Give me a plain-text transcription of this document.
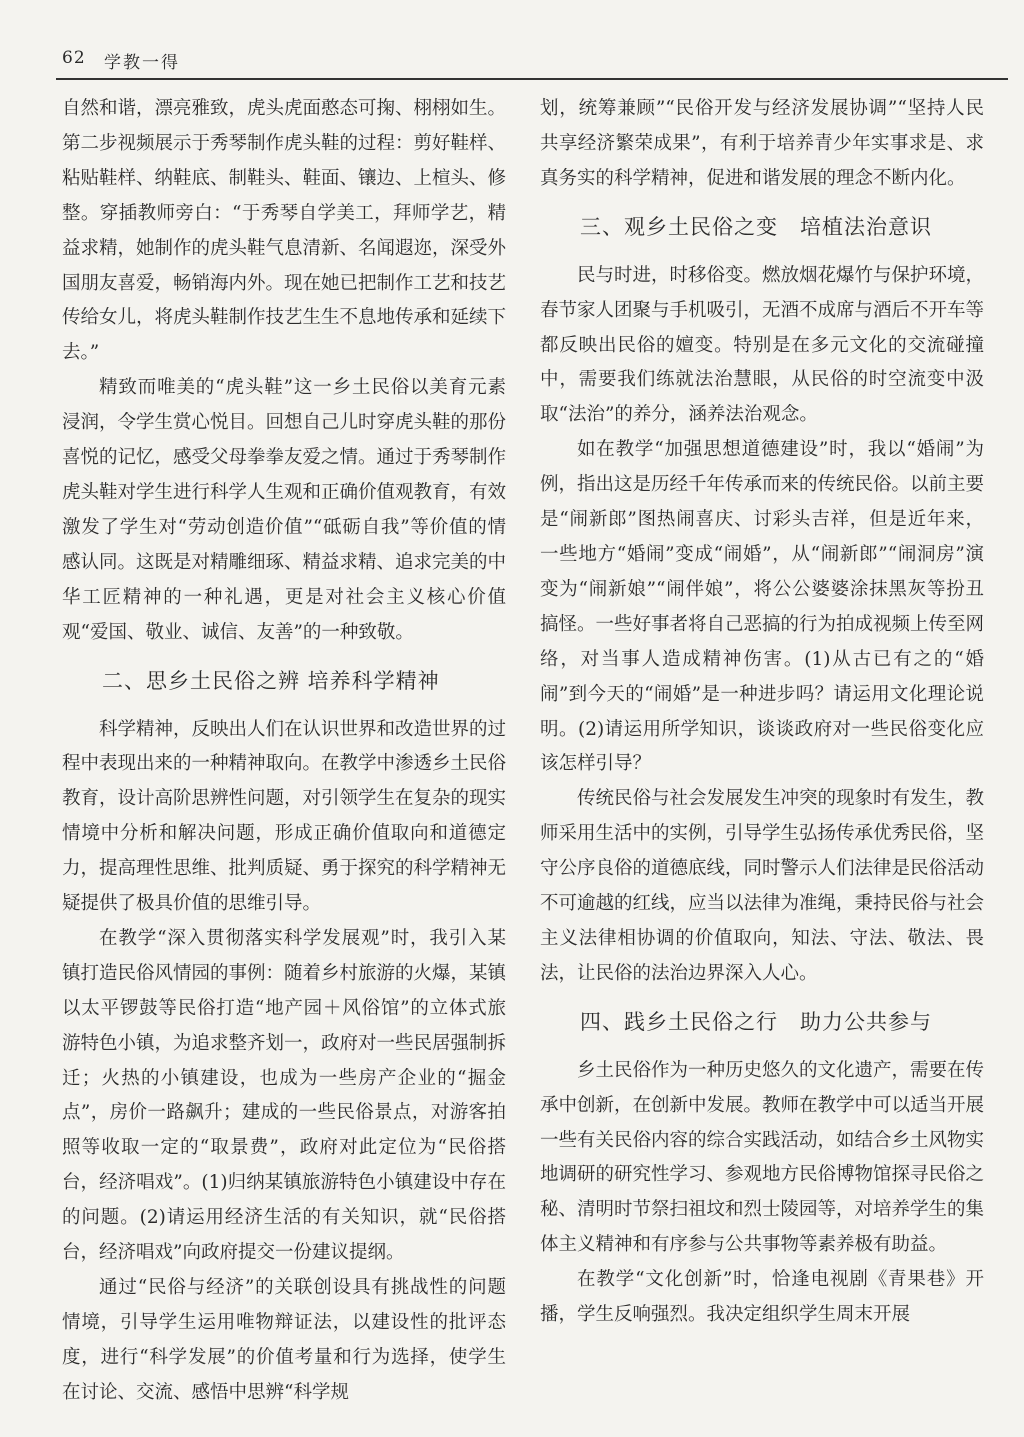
62 学教一得

自然和谐，漂亮雅致，虎头虎面憨态可掬、栩栩如生。第二步视频展示于秀琴制作虎头鞋的过程：剪好鞋样、粘贴鞋样、纳鞋底、制鞋头、鞋面、镶边、上楦头、修整。穿插教师旁白：“于秀琴自学美工，拜师学艺，精益求精，她制作的虎头鞋气息清新、名闻遐迩，深受外国朋友喜爱，畅销海内外。现在她已把制作工艺和技艺传给女儿，将虎头鞋制作技艺生生不息地传承和延续下去。”

精致而唯美的“虎头鞋”这一乡土民俗以美育元素浸润，令学生赏心悦目。回想自己儿时穿虎头鞋的那份喜悦的记忆，感受父母拳拳友爱之情。通过于秀琴制作虎头鞋对学生进行科学人生观和正确价值观教育，有效激发了学生对“劳动创造价值”“砥砺自我”等价值的情感认同。这既是对精雕细琢、精益求精、追求完美的中华工匠精神的一种礼遇，更是对社会主义核心价值观“爱国、敬业、诚信、友善”的一种致敬。

二、思乡土民俗之辨 培养科学精神

科学精神，反映出人们在认识世界和改造世界的过程中表现出来的一种精神取向。在教学中渗透乡土民俗教育，设计高阶思辨性问题，对引领学生在复杂的现实情境中分析和解决问题，形成正确价值取向和道德定力，提高理性思维、批判质疑、勇于探究的科学精神无疑提供了极具价值的思维引导。

在教学“深入贯彻落实科学发展观”时，我引入某镇打造民俗风情园的事例：随着乡村旅游的火爆，某镇以太平锣鼓等民俗打造“地产园＋风俗馆”的立体式旅游特色小镇，为追求整齐划一，政府对一些民居强制拆迁；火热的小镇建设，也成为一些房产企业的“掘金点”，房价一路飙升；建成的一些民俗景点，对游客拍照等收取一定的“取景费”，政府对此定位为“民俗搭台，经济唱戏”。(1)归纳某镇旅游特色小镇建设中存在的问题。(2)请运用经济生活的有关知识，就“民俗搭台，经济唱戏”向政府提交一份建议提纲。

通过“民俗与经济”的关联创设具有挑战性的问题情境，引导学生运用唯物辩证法，以建设性的批评态度，进行“科学发展”的价值考量和行为选择，使学生在讨论、交流、感悟中思辨“科学规

划，统筹兼顾”“民俗开发与经济发展协调”“坚持人民共享经济繁荣成果”，有利于培养青少年实事求是、求真务实的科学精神，促进和谐发展的理念不断内化。

三、观乡土民俗之变　培植法治意识

民与时进，时移俗变。燃放烟花爆竹与保护环境，春节家人团聚与手机吸引，无酒不成席与酒后不开车等都反映出民俗的嬗变。特别是在多元文化的交流碰撞中，需要我们练就法治慧眼，从民俗的时空流变中汲取“法治”的养分，涵养法治观念。

如在教学“加强思想道德建设”时，我以“婚闹”为例，指出这是历经千年传承而来的传统民俗。以前主要是“闹新郎”图热闹喜庆、讨彩头吉祥，但是近年来，一些地方“婚闹”变成“闹婚”，从“闹新郎”“闹洞房”演变为“闹新娘”“闹伴娘”，将公公婆婆涂抹黑灰等扮丑搞怪。一些好事者将自己恶搞的行为拍成视频上传至网络，对当事人造成精神伤害。(1)从古已有之的“婚闹”到今天的“闹婚”是一种进步吗？请运用文化理论说明。(2)请运用所学知识，谈谈政府对一些民俗变化应该怎样引导？

传统民俗与社会发展发生冲突的现象时有发生，教师采用生活中的实例，引导学生弘扬传承优秀民俗，坚守公序良俗的道德底线，同时警示人们法律是民俗活动不可逾越的红线，应当以法律为准绳，秉持民俗与社会主义法律相协调的价值取向，知法、守法、敬法、畏法，让民俗的法治边界深入人心。

四、践乡土民俗之行　助力公共参与

乡土民俗作为一种历史悠久的文化遗产，需要在传承中创新，在创新中发展。教师在教学中可以适当开展一些有关民俗内容的综合实践活动，如结合乡土风物实地调研的研究性学习、参观地方民俗博物馆探寻民俗之秘、清明时节祭扫祖坟和烈士陵园等，对培养学生的集体主义精神和有序参与公共事物等素养极有助益。

在教学“文化创新”时，恰逢电视剧《青果巷》开播，学生反响强烈。我决定组织学生周末开展
